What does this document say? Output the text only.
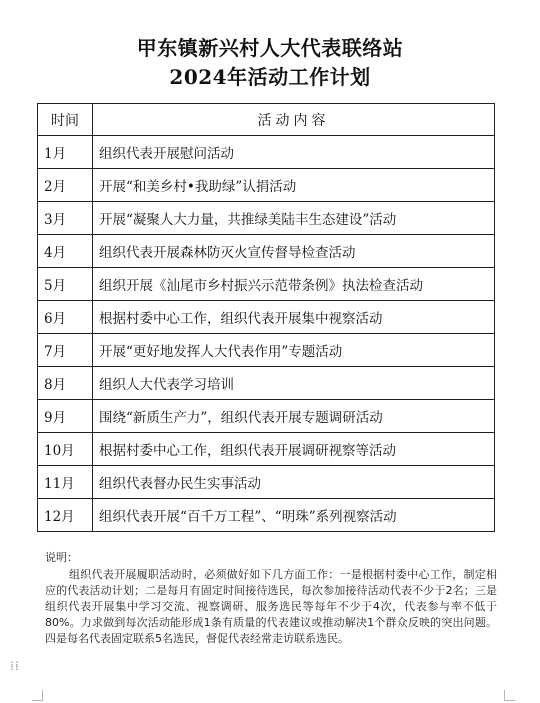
甲东镇新兴村人大代表联络站
2024年活动工作计划
时间	活动内容
1月	组织代表开展慰问活动
2月	开展“和美乡村•我助绿”认捐活动
3月	开展“凝聚人大力量，共推绿美陆丰生态建设”活动
4月	组织代表开展森林防灭火宣传督导检查活动
5月	组织开展《汕尾市乡村振兴示范带条例》执法检查活动
6月	根据村委中心工作，组织代表开展集中视察活动
7月	开展“更好地发挥人大代表作用”专题活动
8月	组织人大代表学习培训
9月	围绕“新质生产力”，组织代表开展专题调研活动
10月	根据村委中心工作，组织代表开展调研视察等活动
11月	组织代表督办民生实事活动
12月	组织代表开展“百千万工程”、“明珠”系列视察活动
说明：
组织代表开展履职活动时，必须做好如下几方面工作：一是根据村委中心工作，制定相应的代表活动计划；二是每月有固定时间接待选民，每次参加接待活动代表不少于2名；三是组织代表开展集中学习交流、视察调研、服务选民等每年不少于4次，代表参与率不低于80%。力求做到每次活动能形成1条有质量的代表建议或推动解决1个群众反映的突出问题。四是每名代表固定联系5名选民，督促代表经常走访联系选民。
⁞⁞
